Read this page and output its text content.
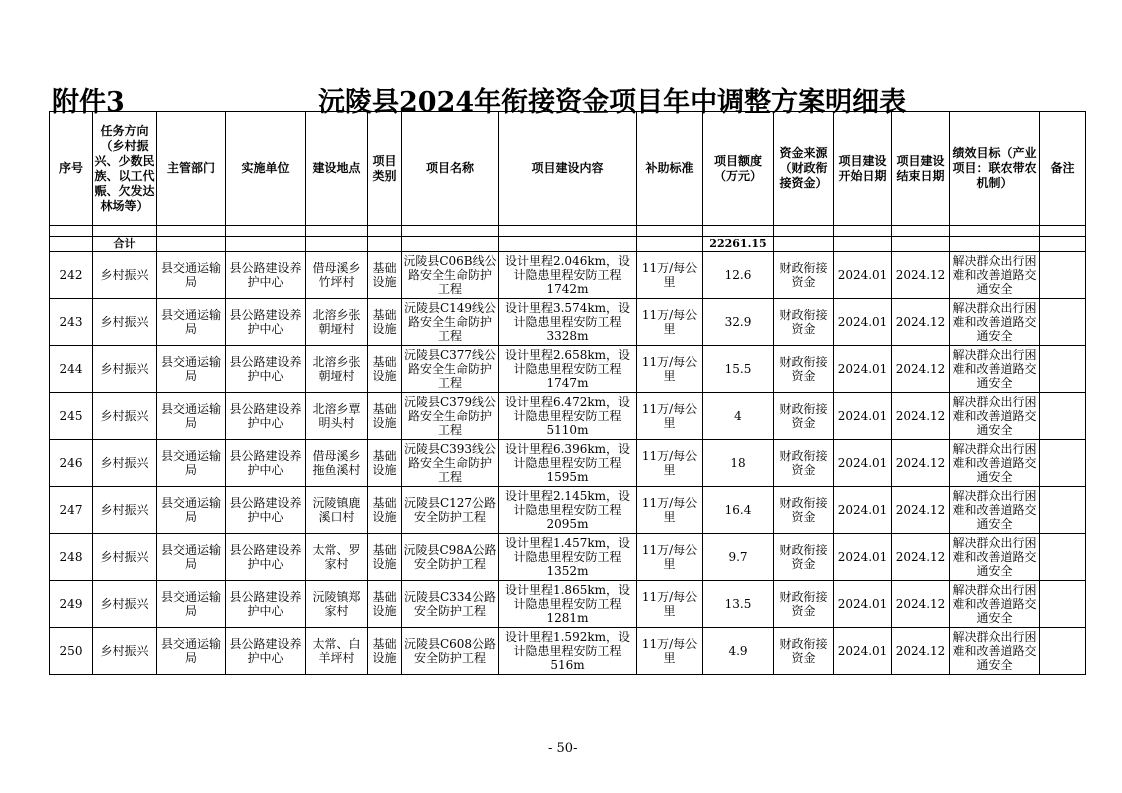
附件3	沅陵县2024年衔接资金项目年中调整方案明细表
序号	任务方向（乡村振兴、少数民族、以工代赈、欠发达林场等）	主管部门	实施单位	建设地点	项目类别	项目名称	项目建设内容	补助标准	项目额度（万元）	资金来源（财政衔接资金）	项目建设开始日期	项目建设结束日期	绩效目标（产业项目：联农带农机制）	备注

	合计								22261.15					

242	乡村振兴	县交通运输局	县公路建设养护中心	借母溪乡竹坪村	基础设施	沅陵县C06B线公路安全生命防护工程	设计里程2.046km，设计隐患里程安防工程1742m	11万/每公里	12.6	财政衔接资金	2024.01	2024.12	解决群众出行困难和改善道路交通安全	

243	乡村振兴	县交通运输局	县公路建设养护中心	北溶乡张朝垭村	基础设施	沅陵县C149线公路安全生命防护工程	设计里程3.574km，设计隐患里程安防工程3328m	11万/每公里	32.9	财政衔接资金	2024.01	2024.12	解决群众出行困难和改善道路交通安全	

244	乡村振兴	县交通运输局	县公路建设养护中心	北溶乡张朝垭村	基础设施	沅陵县C377线公路安全生命防护工程	设计里程2.658km，设计隐患里程安防工程1747m	11万/每公里	15.5	财政衔接资金	2024.01	2024.12	解决群众出行困难和改善道路交通安全	

245	乡村振兴	县交通运输局	县公路建设养护中心	北溶乡覃明头村	基础设施	沅陵县C379线公路安全生命防护工程	设计里程6.472km，设计隐患里程安防工程5110m	11万/每公里	4	财政衔接资金	2024.01	2024.12	解决群众出行困难和改善道路交通安全	

246	乡村振兴	县交通运输局	县公路建设养护中心	借母溪乡拖鱼溪村	基础设施	沅陵县C393线公路安全生命防护工程	设计里程6.396km，设计隐患里程安防工程1595m	11万/每公里	18	财政衔接资金	2024.01	2024.12	解决群众出行困难和改善道路交通安全	

247	乡村振兴	县交通运输局	县公路建设养护中心	沅陵镇鹿溪口村	基础设施	沅陵县C127公路安全防护工程	设计里程2.145km，设计隐患里程安防工程2095m	11万/每公里	16.4	财政衔接资金	2024.01	2024.12	解决群众出行困难和改善道路交通安全	

248	乡村振兴	县交通运输局	县公路建设养护中心	太常、罗家村	基础设施	沅陵县C98A公路安全防护工程	设计里程1.457km，设计隐患里程安防工程1352m	11万/每公里	9.7	财政衔接资金	2024.01	2024.12	解决群众出行困难和改善道路交通安全	

249	乡村振兴	县交通运输局	县公路建设养护中心	沅陵镇郑家村	基础设施	沅陵县C334公路安全防护工程	设计里程1.865km，设计隐患里程安防工程1281m	11万/每公里	13.5	财政衔接资金	2024.01	2024.12	解决群众出行困难和改善道路交通安全	

250	乡村振兴	县交通运输局	县公路建设养护中心	太常、白羊坪村	基础设施	沅陵县C608公路安全防护工程	设计里程1.592km，设计隐患里程安防工程516m	11万/每公里	4.9	财政衔接资金	2024.01	2024.12	解决群众出行困难和改善道路交通安全	

- 50-
